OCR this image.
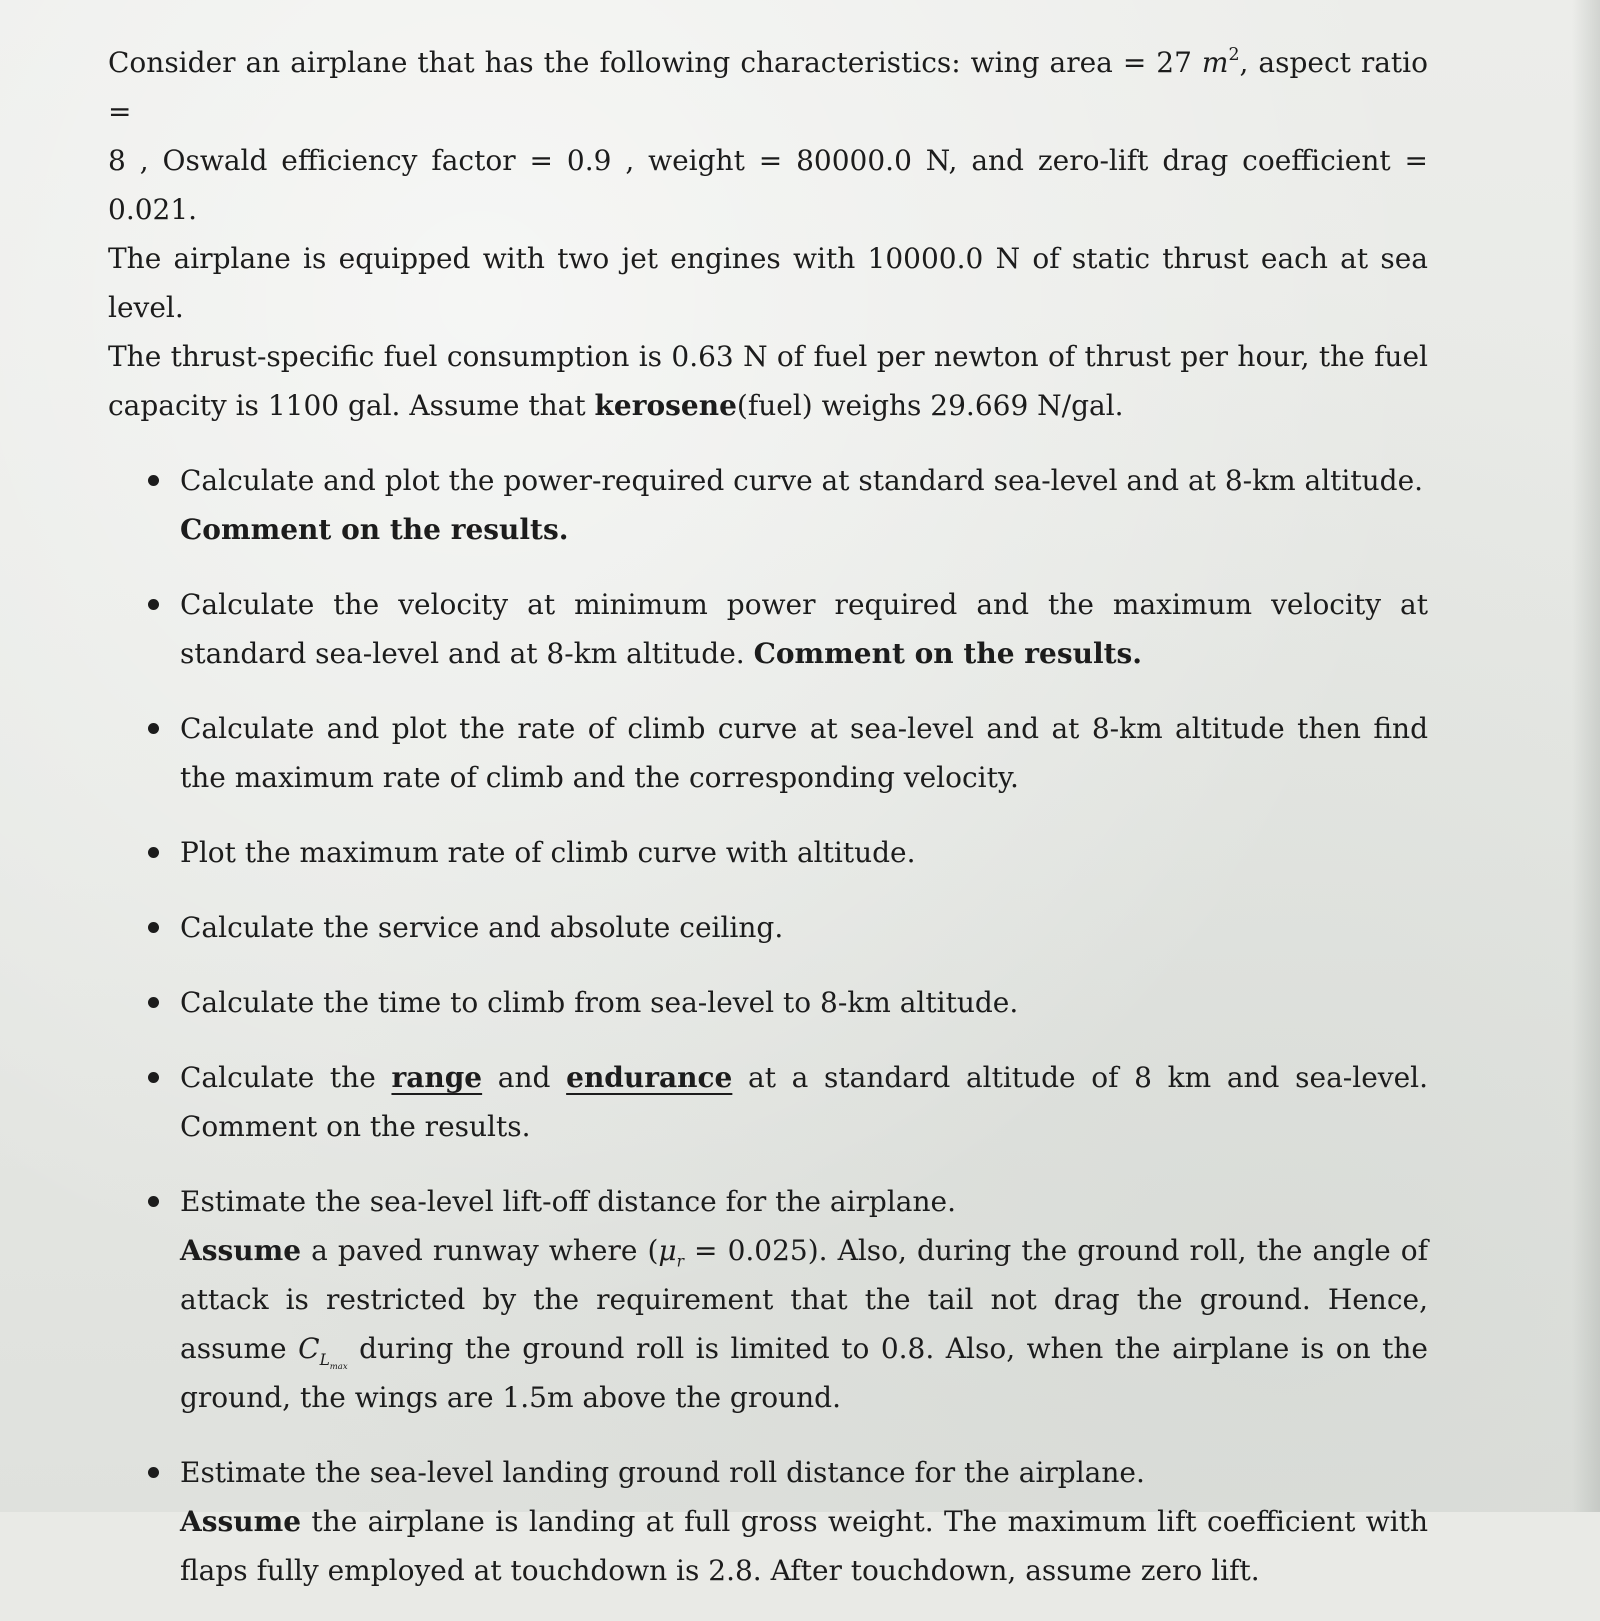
Consider an airplane that has the following characteristics: wing area = 27 $m^2$, aspect ratio =
8 , Oswald efficiency factor = 0.9 , weight = 80000.0 N, and zero-lift drag coefficient = 0.021.
The airplane is equipped with two jet engines with 10000.0 N of static thrust each at sea level.
The thrust-specific fuel consumption is 0.63 N of fuel per newton of thrust per hour, the fuel
capacity is 1100 gal. Assume that kerosene(fuel) weighs 29.669 N/gal.

Calculate and plot the power-required curve at standard sea-level and at 8-km altitude.
Comment on the results.
Calculate the velocity at minimum power required and the maximum velocity at standard sea-level and at 8-km altitude. Comment on the results.
Calculate and plot the rate of climb curve at sea-level and at 8-km altitude then find the maximum rate of climb and the corresponding velocity.
Plot the maximum rate of climb curve with altitude.
Calculate the service and absolute ceiling.
Calculate the time to climb from sea-level to 8-km altitude.
Calculate the range and endurance at a standard altitude of 8 km and sea-level. Comment on the results.
Estimate the sea-level lift-off distance for the airplane.
Assume a paved runway where $(\mu_r = 0.025)$. Also, during the ground roll, the angle of attack is restricted by the requirement that the tail not drag the ground. Hence, assume $C_{L_{max}}$ during the ground roll is limited to 0.8. Also, when the airplane is on the ground, the wings are 1.5m above the ground.
Estimate the sea-level landing ground roll distance for the airplane.
Assume the airplane is landing at full gross weight. The maximum lift coefficient with flaps fully employed at touchdown is 2.8. After touchdown, assume zero lift.
